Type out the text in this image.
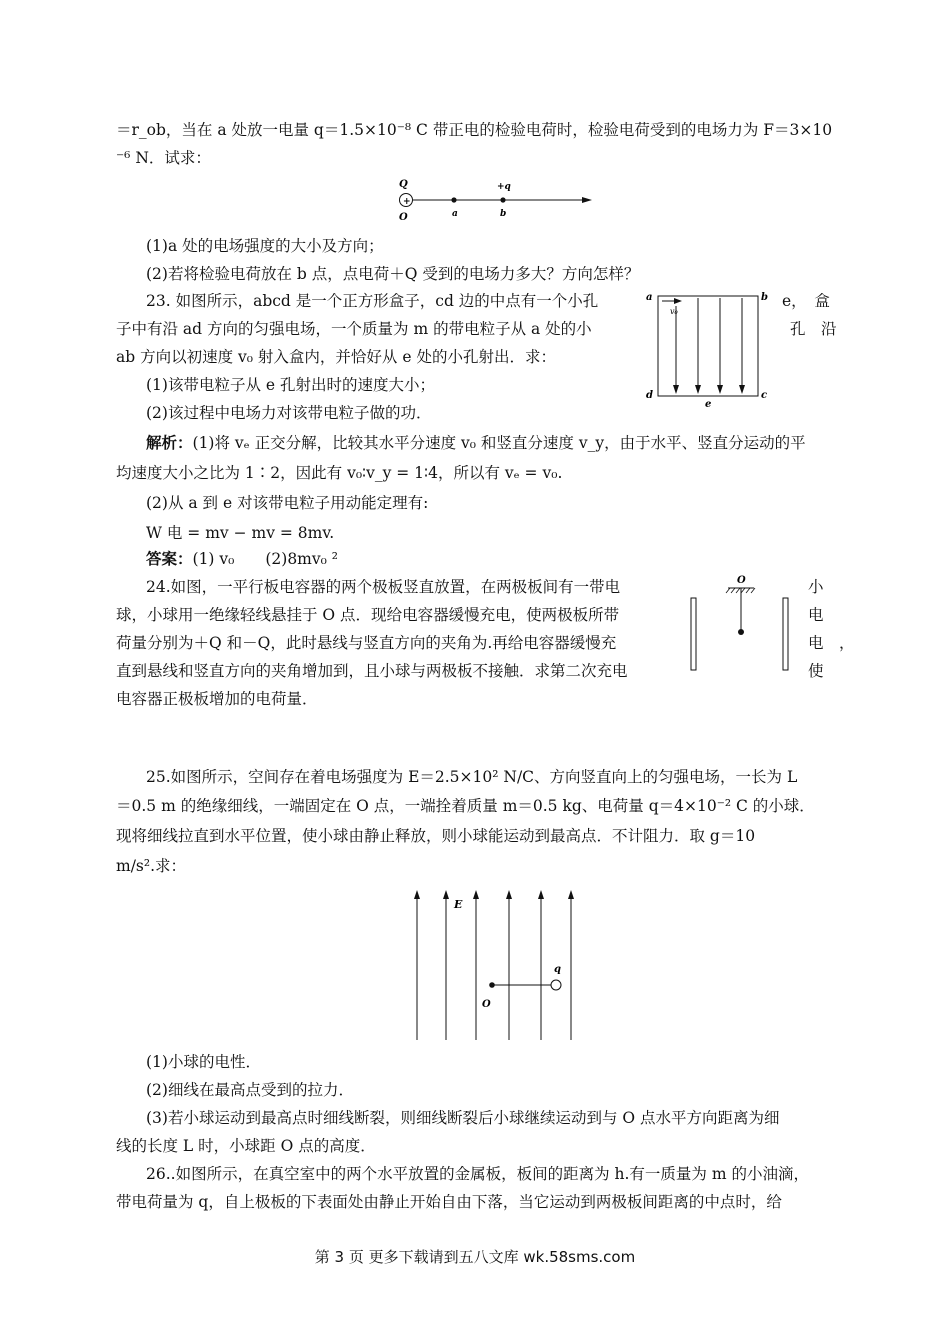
＝r_ob，当在 a 处放一电量 q＝1.5×10⁻⁸ C 带正电的检验电荷时，检验电荷受到的电场力为 F＝3×10
⁻⁶ N．试求：
+
Q
O	a
+q
b
(1)a 处的电场强度的大小及方向；
(2)若将检验电荷放在 b 点，点电荷＋Q 受到的电场力多大？方向怎样？
23. 如图所示，abcd 是一个正方形盒子，cd 边的中点有一个小孔	e，　盒
子中有沿 ad 方向的匀强电场，一个质量为 m 的带电粒子从 a 处的小	孔　沿
ab 方向以初速度 v₀ 射入盒内，并恰好从 e 处的小孔射出．求：
(1)该带电粒子从 e 孔射出时的速度大小；
(2)该过程中电场力对该带电粒子做的功．
a	b
c
d
e
v₀
解析：(1)将 vₑ 正交分解，比较其水平分速度 v₀ 和竖直分速度 v_y，由于水平、竖直分运动的平
均速度大小之比为 1∶2，因此有 v₀∶v_y = 1∶4，所以有 vₑ = v₀.
(2)从 a 到 e 对该带电粒子用动能定理有:
W 电 = mv − mv = 8mv.
答案：(1) v₀　　(2)8mv₀ ²
24.如图，一平行板电容器的两个极板竖直放置，在两极板间有一带电	小
球，小球用一绝缘轻线悬挂于 O 点．现给电容器缓慢充电，使两极板所带	电
荷量分别为＋Q 和－Q，此时悬线与竖直方向的夹角为.再给电容器缓慢充	电　，
直到悬线和竖直方向的夹角增加到，且小球与两极板不接触．求第二次充电	使
电容器正极板增加的电荷量．
O
25.如图所示，空间存在着电场强度为 E＝2.5×10² N/C、方向竖直向上的匀强电场，一长为 L
＝0.5 m 的绝缘细线，一端固定在 O 点，一端拴着质量 m＝0.5 kg、电荷量 q＝4×10⁻² C 的小球．
现将细线拉直到水平位置，使小球由静止释放，则小球能运动到最高点．不计阻力．取 g＝10
m/s².求：
E
q
O
(1)小球的电性．
(2)细线在最高点受到的拉力．
(3)若小球运动到最高点时细线断裂，则细线断裂后小球继续运动到与 O 点水平方向距离为细
线的长度 L 时，小球距 O 点的高度．
26..如图所示，在真空室中的两个水平放置的金属板，板间的距离为 h.有一质量为 m 的小油滴，
带电荷量为 q，自上极板的下表面处由静止开始自由下落，当它运动到两极板间距离的中点时，给
第 3 页 更多下载请到五八文库 wk.58sms.com
